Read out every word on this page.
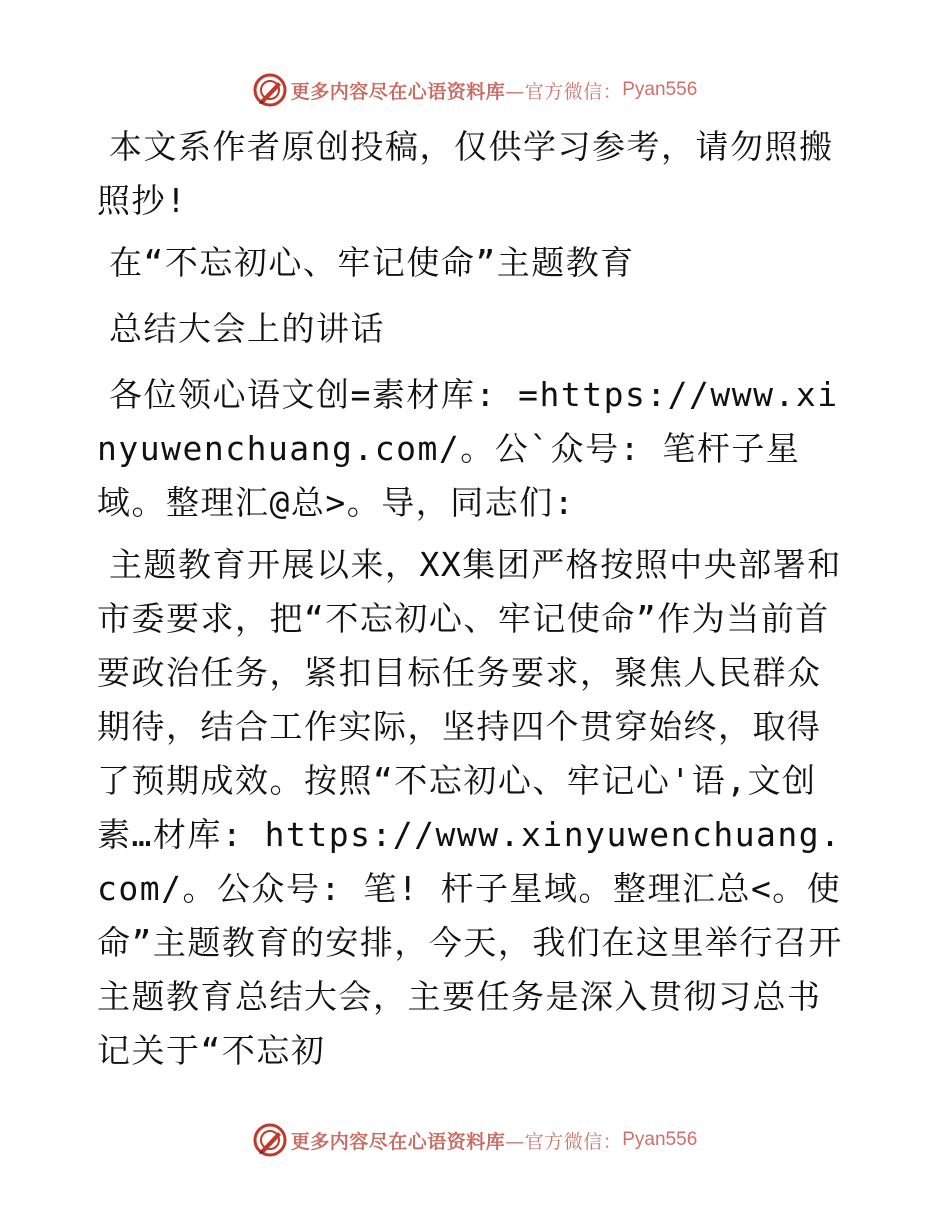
更多内容尽在心语资料库 —官方微信： Pyan556

本文系作者原创投稿，仅供学习参考，请勿照搬照抄!

在“不忘初心、牢记使命”主题教育

总结大会上的讲话

各位领心语文创=素材库: =https://www.xinyuwenchuang.com/。公`众号: 笔杆子星域。整理汇@总>。导，同志们:

主题教育开展以来，XX集团严格按照中央部署和市委要求，把“不忘初心、牢记使命”作为当前首要政治任务，紧扣目标任务要求，聚焦人民群众期待，结合工作实际，坚持四个贯穿始终，取得了预期成效。按照“不忘初心、牢记心'语,文创素…材库: https://www.xinyuwenchuang.com/。公众号: 笔! 杆子星域。整理汇总<。使命”主题教育的安排，今天，我们在这里举行召开主题教育总结大会，主要任务是深入贯彻习总书记关于“不忘初

更多内容尽在心语资料库 —官方微信： Pyan556
